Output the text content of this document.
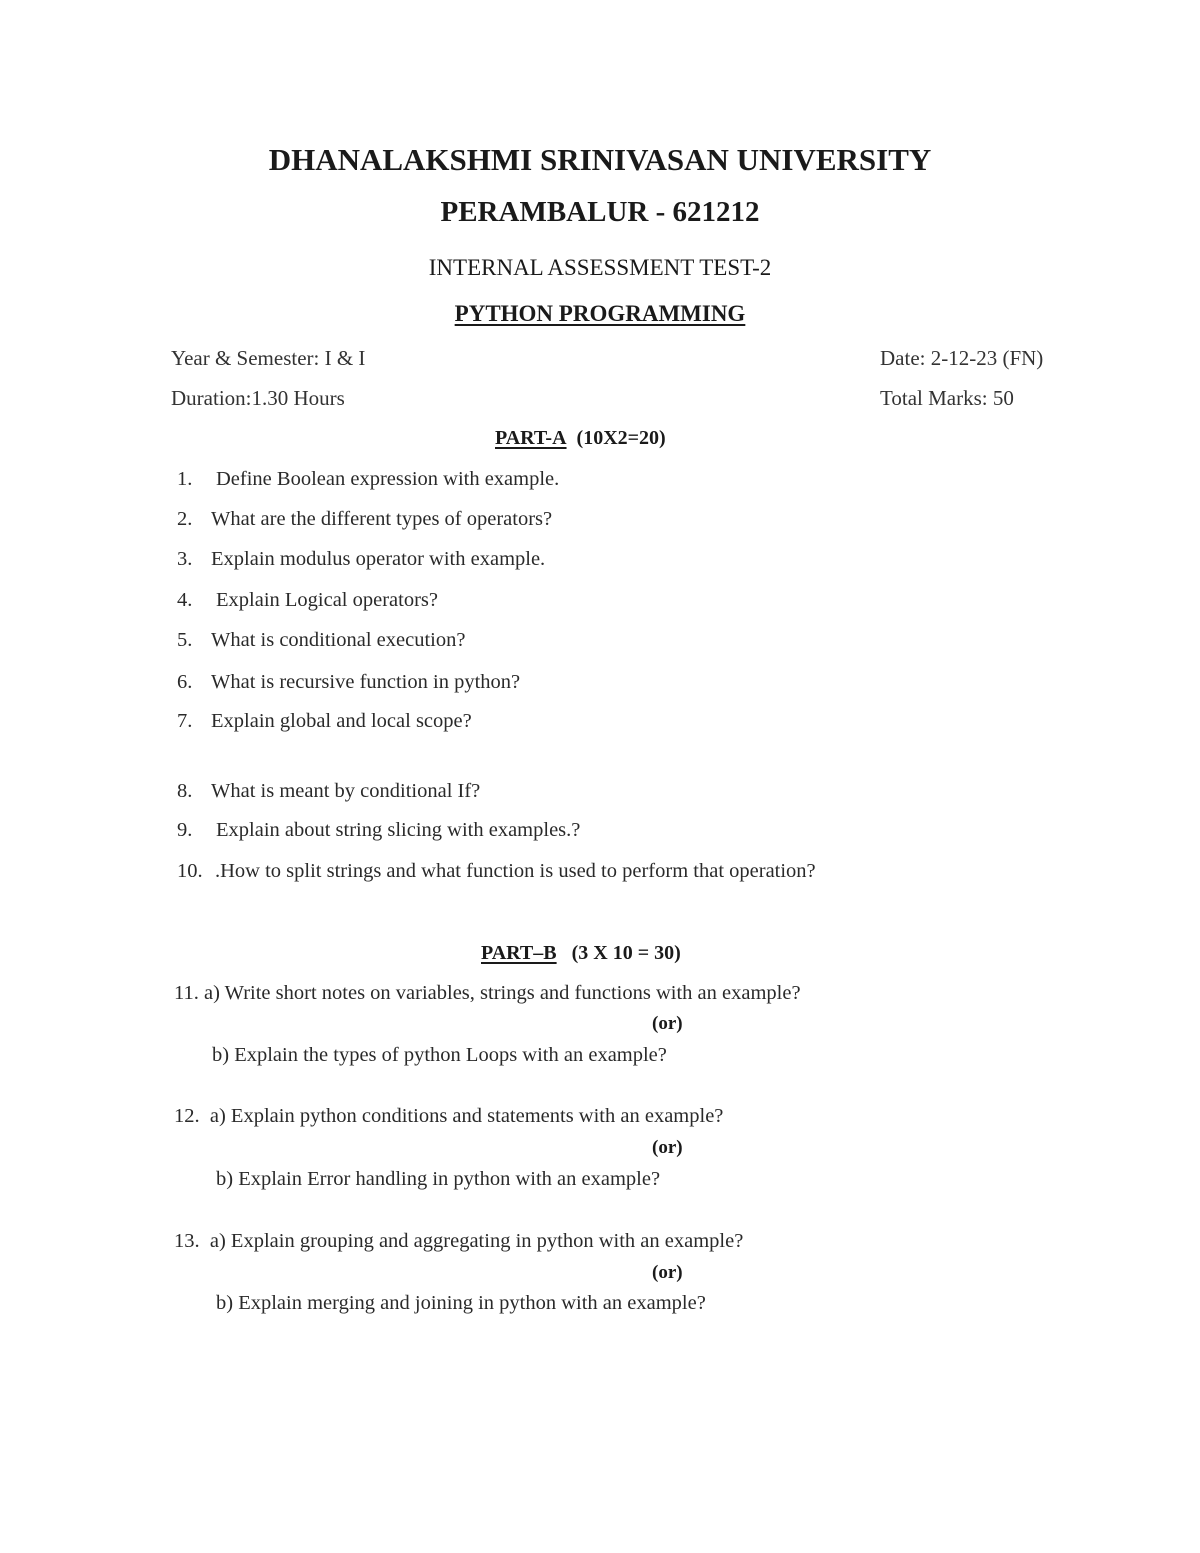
DHANALAKSHMI SRINIVASAN UNIVERSITY
PERAMBALUR - 621212
INTERNAL ASSESSMENT TEST-2
PYTHON PROGRAMMING
Year & Semester: I & I	Date: 2-12-23 (FN)
Duration:1.30 Hours	Total Marks: 50
PART-A (10X2=20)
1. Define Boolean expression with example.
2. What are the different types of operators?
3. Explain modulus operator with example.
4. Explain Logical operators?
5. What is conditional execution?
6. What is recursive function in python?
7. Explain global and local scope?
8. What is meant by conditional If?
9. Explain about string slicing with examples.?
10. .How to split strings and what function is used to perform that operation?
PART–B (3 X 10 = 30)
11. a) Write short notes on variables, strings and functions with an example?
(or)
b) Explain the types of python Loops with an example?
12. a) Explain python conditions and statements with an example?
(or)
b) Explain Error handling in python with an example?
13. a) Explain grouping and aggregating in python with an example?
(or)
b) Explain merging and joining in python with an example?
